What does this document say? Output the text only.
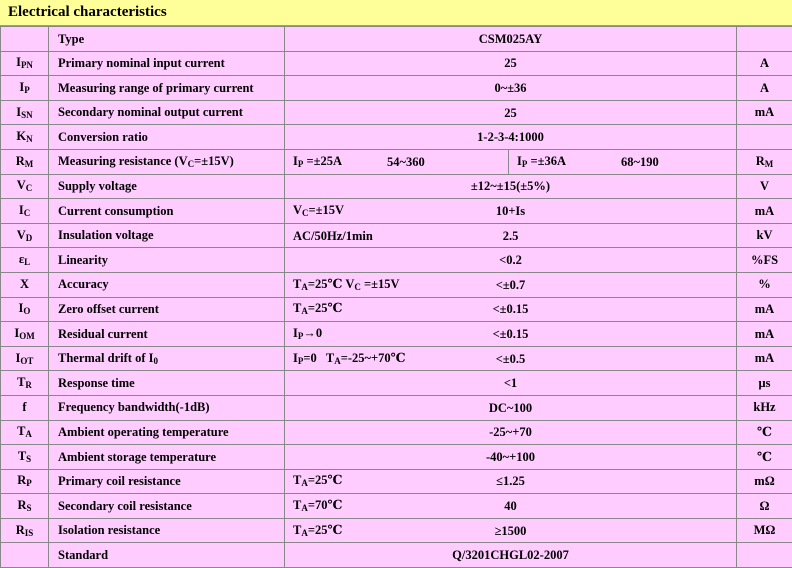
Electrical characteristics
	Type	CSM025AY	

$I_{PN}$	Primary nominal input current	25	A
$I_P$	Measuring range of primary current	0~±36	A
$I_{SN}$	Secondary nominal output current	25	mA
$K_N$	Conversion ratio	1-2-3-4:1000	

$R_M$	Measuring resistance $(V_C=\pm 15V)$	$I_P =\pm 25A$ 54~360 $I_P =\pm 36A$ 68~190	$R_M$
$V_C$	Supply voltage	±12~±15(±5%)	V
$I_C$	Current consumption	$V_C=\pm 15V$ 10+Is	mA
$V_D$	Insulation voltage	AC/50Hz/1min 2.5	kV
$\varepsilon_L$	Linearity	<0.2	%FS
X	Accuracy	$T_A=25℃$ $V_C =\pm 15V <\pm 0.7$	%
$I_O$	Zero offset current	$T_A=25℃ <\pm 0.15$	mA
$I_{OM}$	Residual current	$I_P\to 0 <\pm 0.15$	mA
$I_{OT}$	Thermal drift of $I_0$	$I_P=0$   $T_A=-25\sim+70℃ <\pm 0.5$	mA
$T_R$	Response time	<1	μs
f	Frequency bandwidth(-1dB)	DC~100	kHz
$T_A$	Ambient operating temperature	-25~+70	℃
$T_S$	Ambient storage temperature	-40~+100	℃
$R_P$	Primary coil resistance	$T_A=25℃ \le 1.25$	mΩ
$R_S$	Secondary coil resistance	$T_A=70℃$ 40	Ω
$R_{IS}$	Isolation resistance	$T_A=25℃ \ge 1500$	MΩ
	Standard	Q/3201CHGL02-2007	
